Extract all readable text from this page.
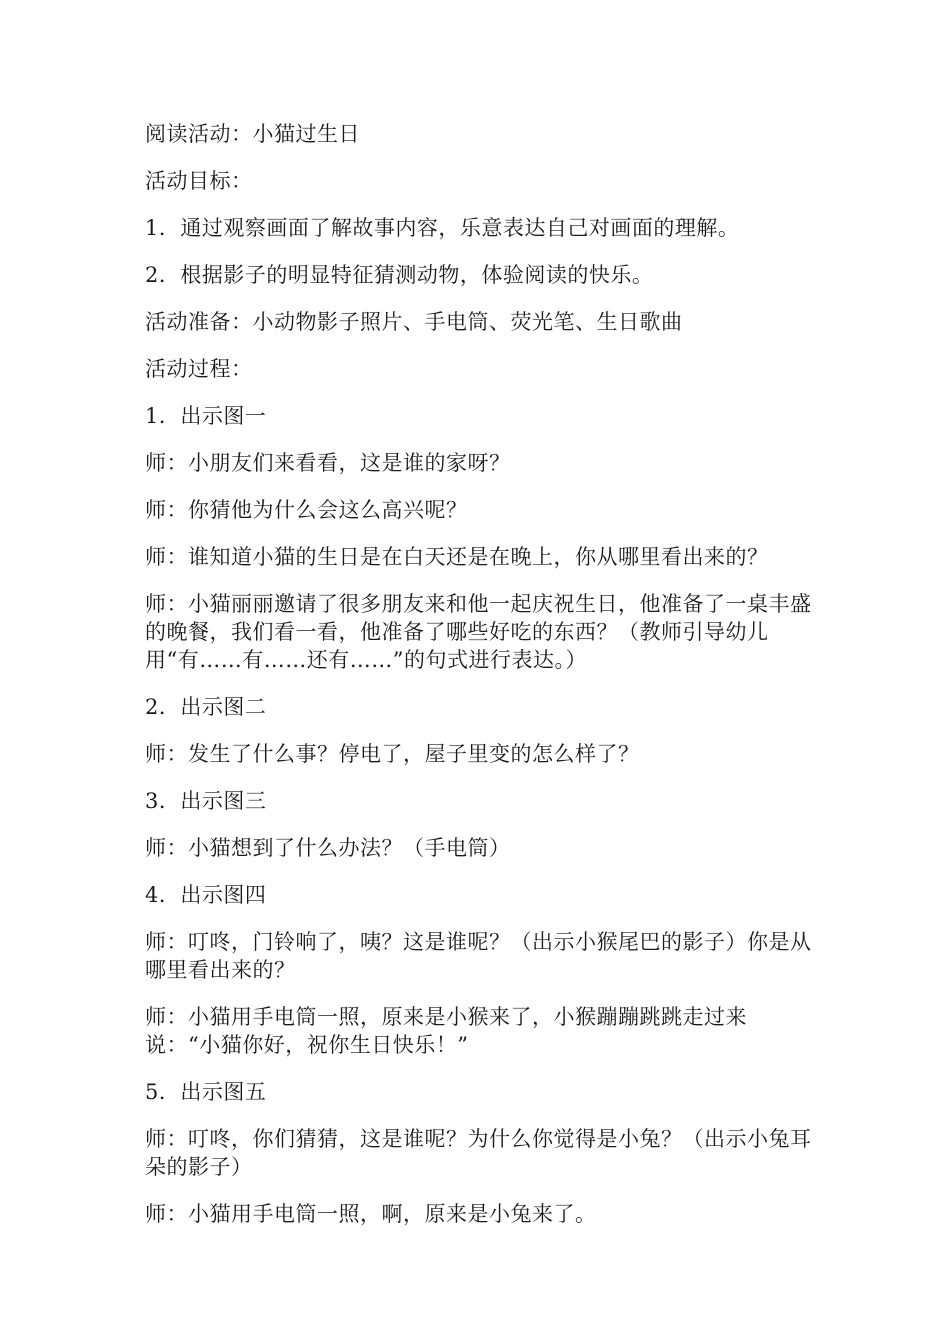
阅读活动：小猫过生日

活动目标：

1．通过观察画面了解故事内容，乐意表达自己对画面的理解。

2．根据影子的明显特征猜测动物，体验阅读的快乐。

活动准备：小动物影子照片、手电筒、荧光笔、生日歌曲

活动过程：

1．出示图一

师：小朋友们来看看，这是谁的家呀？

师：你猜他为什么会这么高兴呢？

师：谁知道小猫的生日是在白天还是在晚上，你从哪里看出来的？

师：小猫丽丽邀请了很多朋友来和他一起庆祝生日，他准备了一桌丰盛的晚餐，我们看一看，他准备了哪些好吃的东西？（教师引导幼儿用“有……有……还有……”的句式进行表达。）

2．出示图二

师：发生了什么事？停电了，屋子里变的怎么样了？

3．出示图三

师：小猫想到了什么办法？（手电筒）

4．出示图四

师：叮咚，门铃响了，咦？这是谁呢？（出示小猴尾巴的影子）你是从哪里看出来的？

师：小猫用手电筒一照，原来是小猴来了，小猴蹦蹦跳跳走过来说：“小猫你好，祝你生日快乐！”

5．出示图五

师：叮咚，你们猜猜，这是谁呢？为什么你觉得是小兔？（出示小兔耳朵的影子）

师：小猫用手电筒一照，啊，原来是小兔来了。
